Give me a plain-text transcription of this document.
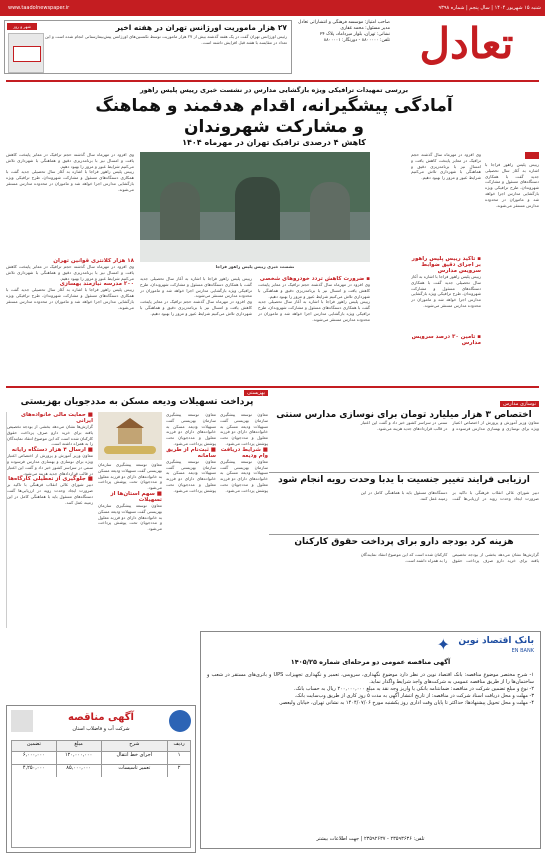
شنبه ۱۵ شهریور ۱۴۰۴ | سال پنجم | شماره ۹۳۹۸
www.taadolnewspaper.ir
تعادل
صاحب امتیاز: موسسه فرهنگی و انتشاراتی تعادل
مدیر مسئول: محمد غفاری
نشانی: تهران، بلوار میرداماد، پلاک ۲۴
تلفن: ۸۸۰۰۰۰۰ - دورنگار: ۸۸۰۰۰۰۱
شهر و روز	۲۷ هزار ماموریت اورژانس تهران در هفته اخیر
رئیس اورژانس تهران گفت در یک هفته گذشته بیش از ۲۷ هزار ماموریت توسط تکنسین‌های اورژانس پیش‌بیمارستانی انجام شده است و این تعداد در مقایسه با هفته قبل افزایش داشته است.
بررسی تمهیدات ترافیکی ویژه بازگشایی مدارس در نشست خبری رییس پلیس راهور
آمادگی پیشگیرانه، اقدام هدفمند و هماهنگ
و مشارکت شهروندان
کاهش ۴ درصدی ترافیک تهران در مهرماه ۱۴۰۴
رییس پلیس راهور فراجا با اشاره به آغاز سال تحصیلی جدید گفت با همکاری دستگاه‌های مسئول و مشارکت شهروندان، طرح ترافیکی ویژه بازگشایی مدارس اجرا خواهد شد و ماموران در محدوده مدارس مستقر می‌شوند.
وی افزود در مهرماه سال گذشته حجم ترافیک در معابر پایتخت کاهش یافت و امسال نیز با برنامه‌ریزی دقیق و هماهنگی با شهرداری تلاش می‌کنیم شرایط عبور و مرور را بهبود دهیم.
▪ تاکید رییس پلیس راهور بر اجرای دقیق ضوابط سرویس مدارس
رییس پلیس راهور فراجا با اشاره به آغاز سال تحصیلی جدید گفت با همکاری دستگاه‌های مسئول و مشارکت شهروندان، طرح ترافیکی ویژه بازگشایی مدارس اجرا خواهد شد و ماموران در محدوده مدارس مستقر می‌شوند.
▪ تامین ۳۰ درصد سرویس مدارس
نشست خبری رییس پلیس راهور فراجا
وی افزود در مهرماه سال گذشته حجم ترافیک در معابر پایتخت کاهش یافت و امسال نیز با برنامه‌ریزی دقیق و هماهنگی با شهرداری تلاش می‌کنیم شرایط عبور و مرور را بهبود دهیم.
رییس پلیس راهور فراجا با اشاره به آغاز سال تحصیلی جدید گفت با همکاری دستگاه‌های مسئول و مشارکت شهروندان، طرح ترافیکی ویژه بازگشایی مدارس اجرا خواهد شد و ماموران در محدوده مدارس مستقر می‌شوند.
۱۸ هزار کلانتری قوانین تهران
وی افزود در مهرماه سال گذشته حجم ترافیک در معابر پایتخت کاهش یافت و امسال نیز با برنامه‌ریزی دقیق و هماهنگی با شهرداری تلاش می‌کنیم شرایط عبور و مرور را بهبود دهیم.
۲۰۰ مدرسه نیازمند بهسازی
رییس پلیس راهور فراجا با اشاره به آغاز سال تحصیلی جدید گفت با همکاری دستگاه‌های مسئول و مشارکت شهروندان، طرح ترافیکی ویژه بازگشایی مدارس اجرا خواهد شد و ماموران در محدوده مدارس مستقر می‌شوند.
رییس پلیس راهور فراجا با اشاره به آغاز سال تحصیلی جدید گفت با همکاری دستگاه‌های مسئول و مشارکت شهروندان، طرح ترافیکی ویژه بازگشایی مدارس اجرا خواهد شد و ماموران در محدوده مدارس مستقر می‌شوند.
وی افزود در مهرماه سال گذشته حجم ترافیک در معابر پایتخت کاهش یافت و امسال نیز با برنامه‌ریزی دقیق و هماهنگی با شهرداری تلاش می‌کنیم شرایط عبور و مرور را بهبود دهیم.
▪ ضرورت کاهش تردد خودروهای شخصی
وی افزود در مهرماه سال گذشته حجم ترافیک در معابر پایتخت کاهش یافت و امسال نیز با برنامه‌ریزی دقیق و هماهنگی با شهرداری تلاش می‌کنیم شرایط عبور و مرور را بهبود دهیم.
رییس پلیس راهور فراجا با اشاره به آغاز سال تحصیلی جدید گفت با همکاری دستگاه‌های مسئول و مشارکت شهروندان، طرح ترافیکی ویژه بازگشایی مدارس اجرا خواهد شد و ماموران در محدوده مدارس مستقر می‌شوند.
نوسازی مدارس
اختصاص ۳ هزار میلیارد تومان برای نوسازی مدارس سنتی
معاون وزیر آموزش و پرورش از اختصاص اعتبار ویژه برای نوسازی و بهسازی مدارس فرسوده و سنتی در سراسر کشور خبر داد و گفت این اعتبار در قالب قراردادهای جدید هزینه می‌شود.
ارزیابی فرایند تغییر جنسیت با یدبا وحدت رویه انجام شود
دبیر شورای عالی انقلاب فرهنگی با تاکید بر ضرورت ایجاد وحدت رویه در ارزیابی‌ها گفت دستگاه‌های مسئول باید با هماهنگی کامل در این زمینه عمل کنند.
هزینه کرد بودجه دارو برای پرداخت حقوق کارکنان
گزارش‌ها نشان می‌دهد بخشی از بودجه تخصیص یافته برای خرید دارو صرف پرداخت حقوق کارکنان شده است که این موضوع انتقاد نمایندگان را به همراه داشته است.
بهزیستی
پرداخت تسهیلات ودیعه مسکن به مددجویان بهزیستی
■ حمایت مالی خانواده‌های ایرانی
گزارش‌ها نشان می‌دهد بخشی از بودجه تخصیص یافته برای خرید دارو صرف پرداخت حقوق کارکنان شده است که این موضوع انتقاد نمایندگان را به همراه داشته است.
■ ارسال ۴ هزار دستگاه رایانه
معاون وزیر آموزش و پرورش از اختصاص اعتبار ویژه برای نوسازی و بهسازی مدارس فرسوده و سنتی در سراسر کشور خبر داد و گفت این اعتبار در قالب قراردادهای جدید هزینه می‌شود.
■ جلوگیری از تعطیلی کارگاه‌ها
دبیر شورای عالی انقلاب فرهنگی با تاکید بر ضرورت ایجاد وحدت رویه در ارزیابی‌ها گفت دستگاه‌های مسئول باید با هماهنگی کامل در این زمینه عمل کنند.
معاون توسعه پیشگیری سازمان بهزیستی گفت تسهیلات ودیعه مسکن به خانواده‌های دارای دو فرزند معلول و مددجویان تحت پوشش پرداخت می‌شود.
■ سهم استان‌ها از تسهیلات
معاون توسعه پیشگیری سازمان بهزیستی گفت تسهیلات ودیعه مسکن به خانواده‌های دارای دو فرزند معلول و مددجویان تحت پوشش پرداخت می‌شود.
معاون توسعه پیشگیری سازمان بهزیستی گفت تسهیلات ودیعه مسکن به خانواده‌های دارای دو فرزند معلول و مددجویان تحت پوشش پرداخت می‌شود.
■ ثبت‌نام از طریق سامانه
معاون توسعه پیشگیری سازمان بهزیستی گفت تسهیلات ودیعه مسکن به خانواده‌های دارای دو فرزند معلول و مددجویان تحت پوشش پرداخت می‌شود.
معاون توسعه پیشگیری سازمان بهزیستی گفت تسهیلات ودیعه مسکن به خانواده‌های دارای دو فرزند معلول و مددجویان تحت پوشش پرداخت می‌شود.
■ شرایط دریافت وام ودیعه
معاون توسعه پیشگیری سازمان بهزیستی گفت تسهیلات ودیعه مسکن به خانواده‌های دارای دو فرزند معلول و مددجویان تحت پوشش پرداخت می‌شود.
بانک اقتصاد نوین
EN BANK
✦
آگهی مناقصه عمومی دو مرحله‌ای شماره ۱۴۰۵/۲۵
۱- شرح مختصر موضوع مناقصه: بانک اقتصاد نوین در نظر دارد موضوع نگهداری، سرویس، تعمیر و نگهداری تجهیزات UPS و باتری‌های مستقر در شعب و ساختمان‌ها را از طریق مناقصه عمومی به شرکت‌های واجد شرایط واگذار نماید.
۲- نوع و مبلغ تضمین شرکت در مناقصه: ضمانتنامه بانکی یا واریز وجه نقد به مبلغ ۲۰۰,۰۰۰,۰۰۰ ریال به حساب بانک.
۳- مهلت و محل دریافت اسناد شرکت در مناقصه: از تاریخ انتشار آگهی به مدت ۵ روز کاری از طریق وب‌سایت بانک.
۴- مهلت و محل تحویل پیشنهادها: حداکثر تا پایان وقت اداری روز یکشنبه مورخ ۱۴۰۴/۰۷/۰۶ به نشانی تهران، خیابان ولیعصر.
تلفن: ۲۳۵۹۳۶۳۶ - ۲۳۵۹۲۶۳۷ | جهت اطلاعات بیشتر
آگهی مناقصه
شرکت آب و فاضلاب استان
ردیف
شرح
مبلغ
تضمین
۱
اجرای خط انتقال
۱۲۰,۰۰۰,۰۰۰
۶,۰۰۰,۰۰۰
۲
تعمیر تاسیسات
۸۵,۰۰۰,۰۰۰
۴,۲۵۰,۰۰۰
